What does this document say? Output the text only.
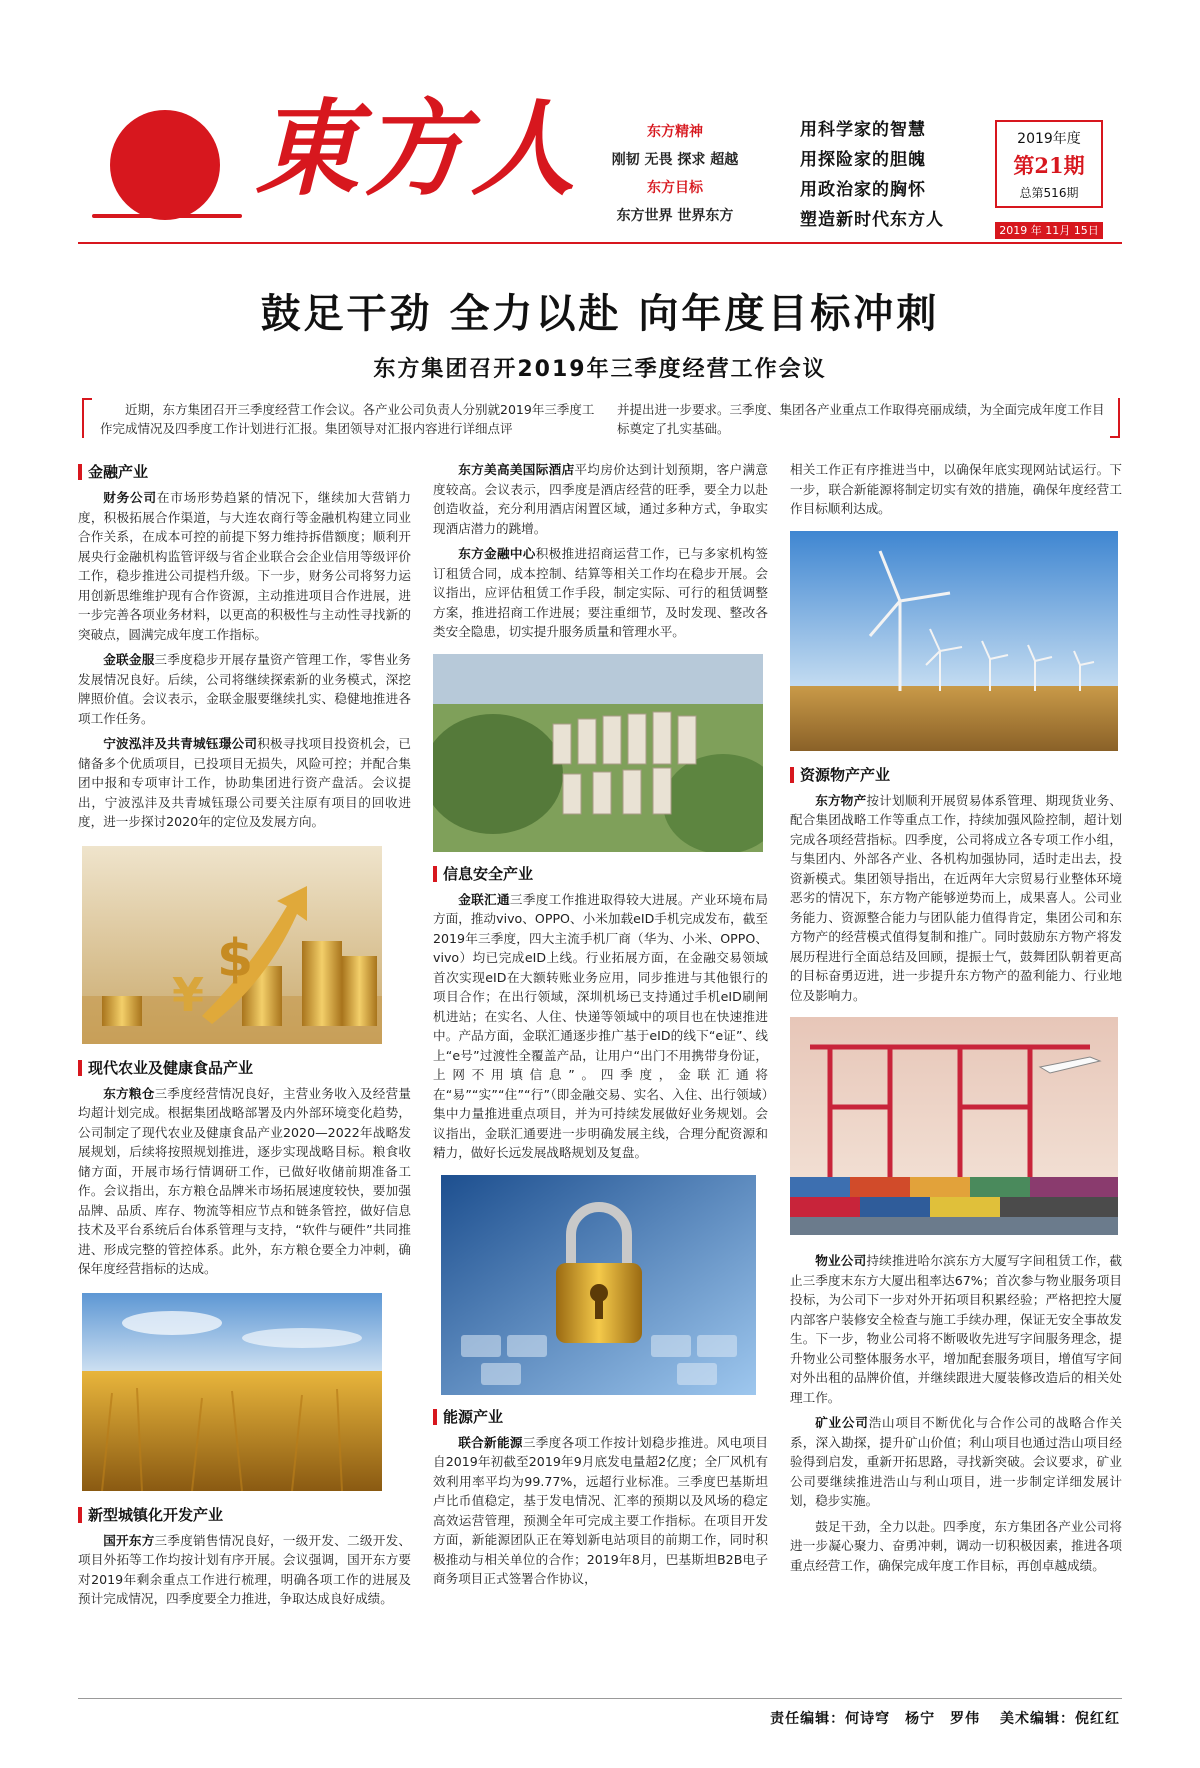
東方人	东方精神
刚韧 无畏 探求 超越
东方目标
东方世界 世界东方
用科学家的智慧
用探险家的胆魄
用政治家的胸怀
塑造新时代东方人
2019年度
第21期
总第516期
2019 年 11月 15日
鼓足干劲 全力以赴 向年度目标冲刺
东方集团召开2019年三季度经营工作会议
近期，东方集团召开三季度经营工作会议。各产业公司负责人分别就2019年三季度工作完成情况及四季度工作计划进行汇报。集团领导对汇报内容进行详细点评
并提出进一步要求。三季度、集团各产业重点工作取得亮丽成绩，为全面完成年度工作目标奠定了扎实基础。
金融产业

财务公司在市场形势趋紧的情况下，继续加大营销力度，积极拓展合作渠道，与大连农商行等金融机构建立同业合作关系，在成本可控的前提下努力维持拆借额度；顺利开展央行金融机构监管评级与省企业联合会企业信用等级评价工作，稳步推进公司提档升级。下一步，财务公司将努力运用创新思维维护现有合作资源，主动推进项目合作进展，进一步完善各项业务材料，以更高的积极性与主动性寻找新的突破点，圆满完成年度工作指标。

金联金服三季度稳步开展存量资产管理工作，零售业务发展情况良好。后续，公司将继续探索新的业务模式，深挖牌照价值。会议表示，金联金服要继续扎实、稳健地推进各项工作任务。

宁波泓沣及共青城钰璟公司积极寻找项目投资机会，已储备多个优质项目，已投项目无损失，风险可控；并配合集团中报和专项审计工作，协助集团进行资产盘活。会议提出，宁波泓沣及共青城钰璟公司要关注原有项目的回收进度，进一步探讨2020年的定位及发展方向。

¥
$
现代农业及健康食品产业

东方粮仓三季度经营情况良好，主营业务收入及经营量均超计划完成。根据集团战略部署及内外部环境变化趋势，公司制定了现代农业及健康食品产业2020—2022年战略发展规划，后续将按照规划推进，逐步实现战略目标。粮食收储方面，开展市场行情调研工作，已做好收储前期准备工作。会议指出，东方粮仓品牌米市场拓展速度较快，要加强品牌、品质、库存、物流等相应节点和链条管控，做好信息技术及平台系统后台体系管理与支持，“软件与硬件”共同推进、形成完整的管控体系。此外，东方粮仓要全力冲刺，确保年度经营指标的达成。

新型城镇化开发产业

国开东方三季度销售情况良好，一级开发、二级开发、项目外拓等工作均按计划有序开展。会议强调，国开东方要对2019年剩余重点工作进行梳理，明确各项工作的进展及预计完成情况，四季度要全力推进，争取达成良好成绩。

东方美高美国际酒店平均房价达到计划预期，客户满意度较高。会议表示，四季度是酒店经营的旺季，要全力以赴创造收益，充分利用酒店闲置区域，通过多种方式，争取实现酒店潜力的跳增。

东方金融中心积极推进招商运营工作，已与多家机构签订租赁合同，成本控制、结算等相关工作均在稳步开展。会议指出，应评估租赁工作手段，制定实际、可行的租赁调整方案，推进招商工作进展；要注重细节，及时发现、整改各类安全隐患，切实提升服务质量和管理水平。

信息安全产业

金联汇通三季度工作推进取得较大进展。产业环境布局方面，推动vivo、OPPO、小米加载eID手机完成发布，截至2019年三季度，四大主流手机厂商（华为、小米、OPPO、vivo）均已完成eID上线。行业拓展方面，在金融交易领域首次实现eID在大额转账业务应用，同步推进与其他银行的项目合作；在出行领域，深圳机场已支持通过手机eID刷闸机进站；在实名、人住、快递等领域中的项目也在快速推进中。产品方面，金联汇通逐步推广基于eID的线下“e证”、线上“e号”过渡性全覆盖产品，让用户“出门不用携带身份证，上网不用填信息”。四季度，金联汇通将在“易”“实”“住”“行”（即金融交易、实名、入住、出行领域）集中力量推进重点项目，并为可持续发展做好业务规划。会议指出，金联汇通要进一步明确发展主线，合理分配资源和精力，做好长远发展战略规划及复盘。

能源产业

联合新能源三季度各项工作按计划稳步推进。风电项目自2019年初截至2019年9月底发电量超2亿度；全厂风机有效利用率平均为99.77%，远超行业标准。三季度巴基斯坦卢比币值稳定，基于发电情况、汇率的预期以及风场的稳定高效运营管理，预测全年可完成主要工作指标。在项目开发方面，新能源团队正在筹划新电站项目的前期工作，同时积极推动与相关单位的合作；2019年8月，巴基斯坦B2B电子商务项目正式签署合作协议，

相关工作正有序推进当中，以确保年底实现网站试运行。下一步，联合新能源将制定切实有效的措施，确保年度经营工作目标顺利达成。

资源物产产业

东方物产按计划顺利开展贸易体系管理、期现货业务、配合集团战略工作等重点工作，持续加强风险控制，超计划完成各项经营指标。四季度，公司将成立各专项工作小组，与集团内、外部各产业、各机构加强协同，适时走出去，投资新模式。集团领导指出，在近两年大宗贸易行业整体环境恶劣的情况下，东方物产能够逆势而上，成果喜人。公司业务能力、资源整合能力与团队能力值得肯定，集团公司和东方物产的经营模式值得复制和推广。同时鼓励东方物产将发展历程进行全面总结及回顾，提振士气，鼓舞团队朝着更高的目标奋勇迈进，进一步提升东方物产的盈利能力、行业地位及影响力。

物业公司持续推进哈尔滨东方大厦写字间租赁工作，截止三季度末东方大厦出租率达67%；首次参与物业服务项目投标，为公司下一步对外开拓项目积累经验；严格把控大厦内部客户装修安全检查与施工手续办理，保证无安全事故发生。下一步，物业公司将不断吸收先进写字间服务理念，提升物业公司整体服务水平，增加配套服务项目，增值写字间对外出租的品牌价值，并继续跟进大厦装修改造后的相关处理工作。

矿业公司浩山项目不断优化与合作公司的战略合作关系，深入勘探，提升矿山价值；利山项目也通过浩山项目经验得到启发，重新开拓思路，寻找新突破。会议要求，矿业公司要继续推进浩山与利山项目，进一步制定详细发展计划，稳步实施。

鼓足干劲，全力以赴。四季度，东方集团各产业公司将进一步凝心聚力、奋勇冲刺，调动一切积极因素，推进各项重点经营工作，确保完成年度工作目标，再创卓越成绩。

责任编辑：何诗穹　杨宁　罗伟 美术编辑：倪红红
